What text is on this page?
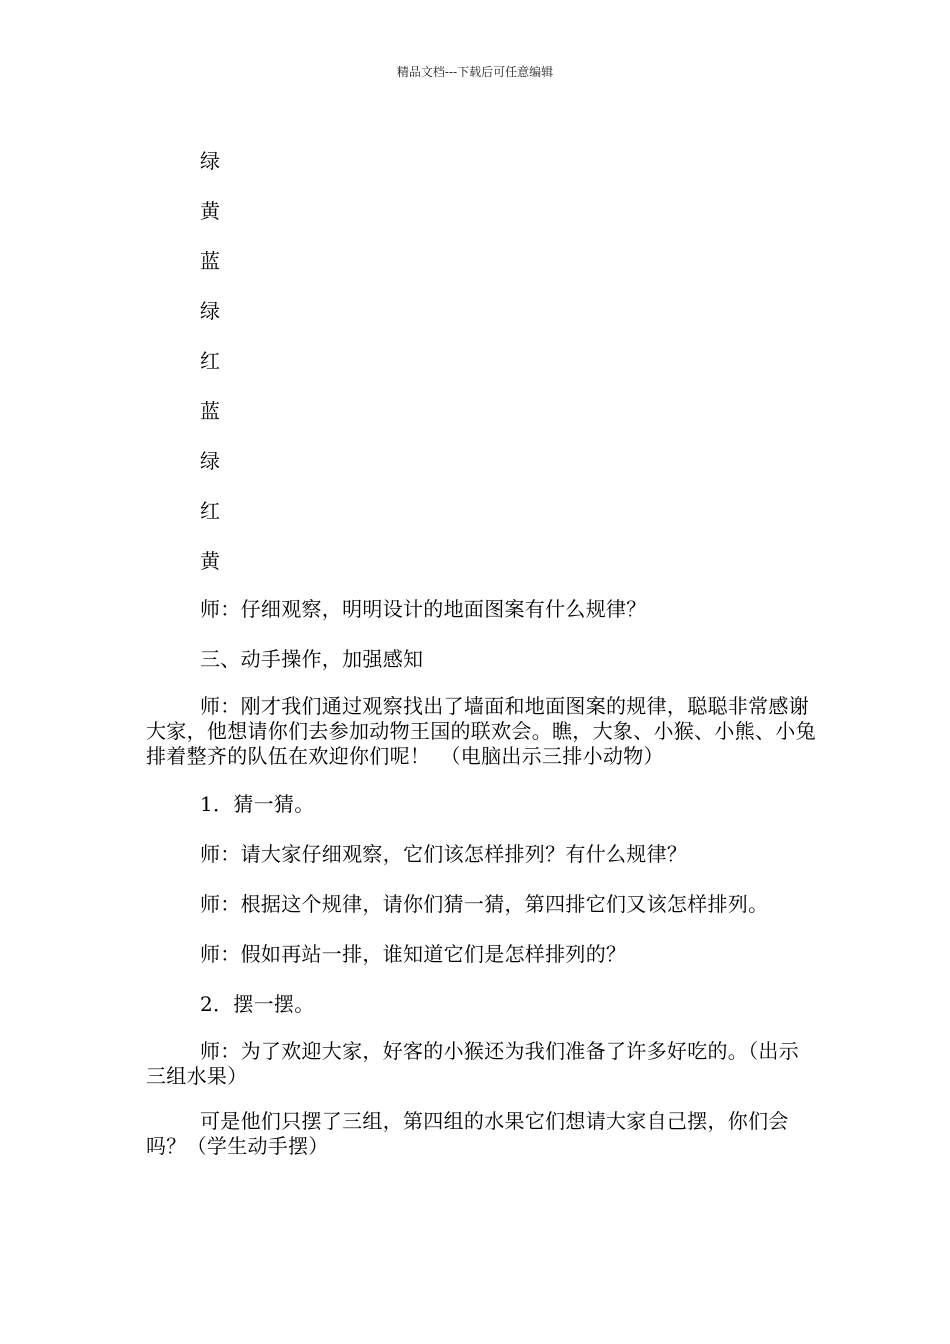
精品文档---下载后可任意编辑
绿
黄
蓝
绿
红
蓝
绿
红
黄

师：仔细观察，明明设计的地面图案有什么规律？

三、动手操作，加强感知

师：刚才我们通过观察找出了墙面和地面图案的规律，聪聪非常感谢大家，他想请你们去参加动物王国的联欢会。瞧，大象、小猴、小熊、小兔排着整齐的队伍在欢迎你们呢！　（电脑出示三排小动物）

1．猜一猜。

师：请大家仔细观察，它们该怎样排列？有什么规律？

师：根据这个规律，请你们猜一猜，第四排它们又该怎样排列。

师：假如再站一排，谁知道它们是怎样排列的？

2．摆一摆。

师：为了欢迎大家，好客的小猴还为我们准备了许多好吃的。（出示三组水果）

可是他们只摆了三组，第四组的水果它们想请大家自己摆，你们会吗？（学生动手摆）
